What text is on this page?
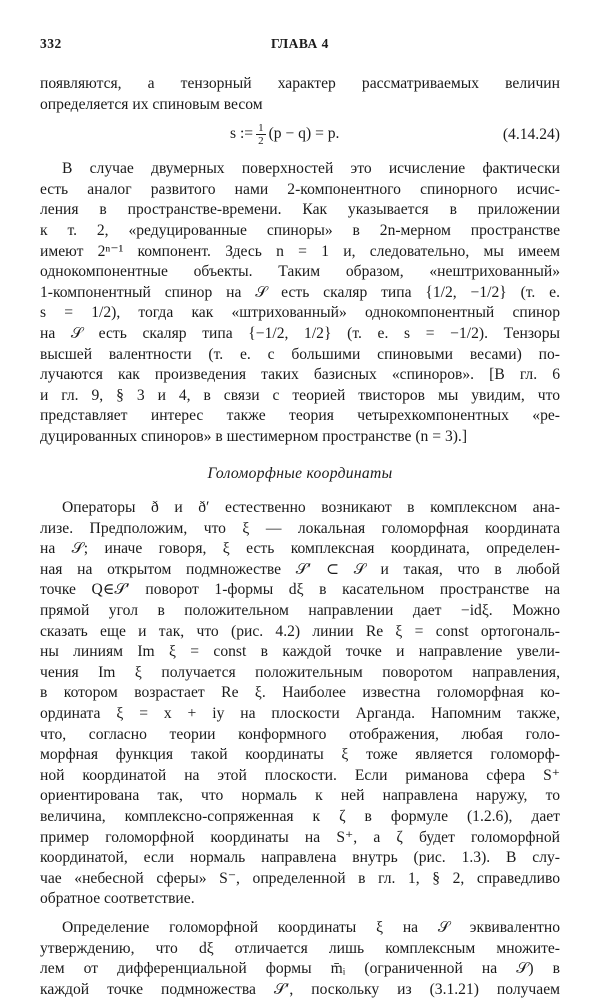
332	ГЛАВА 4
появляются, а тензорный характер рассматриваемых величин
определяется их спиновым весом
s := $\frac{1}{2} (p - q) = p$.	(4.14.24)
В случае двумерных поверхностей это исчисление фактически
есть аналог развитого нами 2-компонентного спинорного исчис-
ления в пространстве-времени. Как указывается в приложении
к т. 2, «редуцированные спиноры» в 2n-мерном пространстве
имеют 2ⁿ⁻¹ компонент. Здесь n = 1 и, следовательно, мы имеем
однокомпонентные объекты. Таким образом, «нештрихованный»
1-компонентный спинор на 𝒮 есть скаляр типа {1/2, −1/2} (т. е.
s = 1/2), тогда как «штрихованный» однокомпонентный спинор
на 𝒮 есть скаляр типа {−1/2, 1/2} (т. е. s = −1/2). Тензоры
высшей валентности (т. е. с большими спиновыми весами) по-
лучаются как произведения таких базисных «спиноров». [В гл. 6
и гл. 9, § 3 и 4, в связи с теорией твисторов мы увидим, что
представляет интерес также теория четырехкомпонентных «ре-
дуцированных спиноров» в шестимерном пространстве (n = 3).]
Голоморфные координаты
Операторы ð и ð′ естественно возникают в комплексном ана-
лизе. Предположим, что ξ — локальная голоморфная координата
на 𝒮; иначе говоря, ξ есть комплексная координата, определен-
ная на открытом подмножестве 𝒮′ ⊂ 𝒮 и такая, что в любой
точке Q∈𝒮′ поворот 1-формы dξ в касательном пространстве на
прямой угол в положительном направлении дает −idξ. Можно
сказать еще и так, что (рис. 4.2) линии Re ξ = const ортогональ-
ны линиям Im ξ = const в каждой точке и направление увели-
чения Im ξ получается положительным поворотом направления,
в котором возрастает Re ξ. Наиболее известна голоморфная ко-
ордината ξ = x + iy на плоскости Арганда. Напомним также,
что, согласно теории конформного отображения, любая голо-
морфная функция такой координаты ξ тоже является голоморф-
ной координатой на этой плоскости. Если риманова сфера S⁺
ориентирована так, что нормаль к ней направлена наружу, то
величина, комплексно-сопряженная к ζ в формуле (1.2.6), дает
пример голоморфной координаты на S⁺, а ζ будет голоморфной
координатой, если нормаль направлена внутрь (рис. 1.3). В слу-
чае «небесной сферы» S⁻, определенной в гл. 1, § 2, справедливо
обратное соответствие.
Определение голоморфной координаты ξ на 𝒮 эквивалентно
утверждению, что dξ отличается лишь комплексным множите-
лем от дифференциальной формы m̄ᵢ (ограниченной на 𝒮) в
каждой точке подмножества 𝒮′, поскольку из (3.1.21) получаем
